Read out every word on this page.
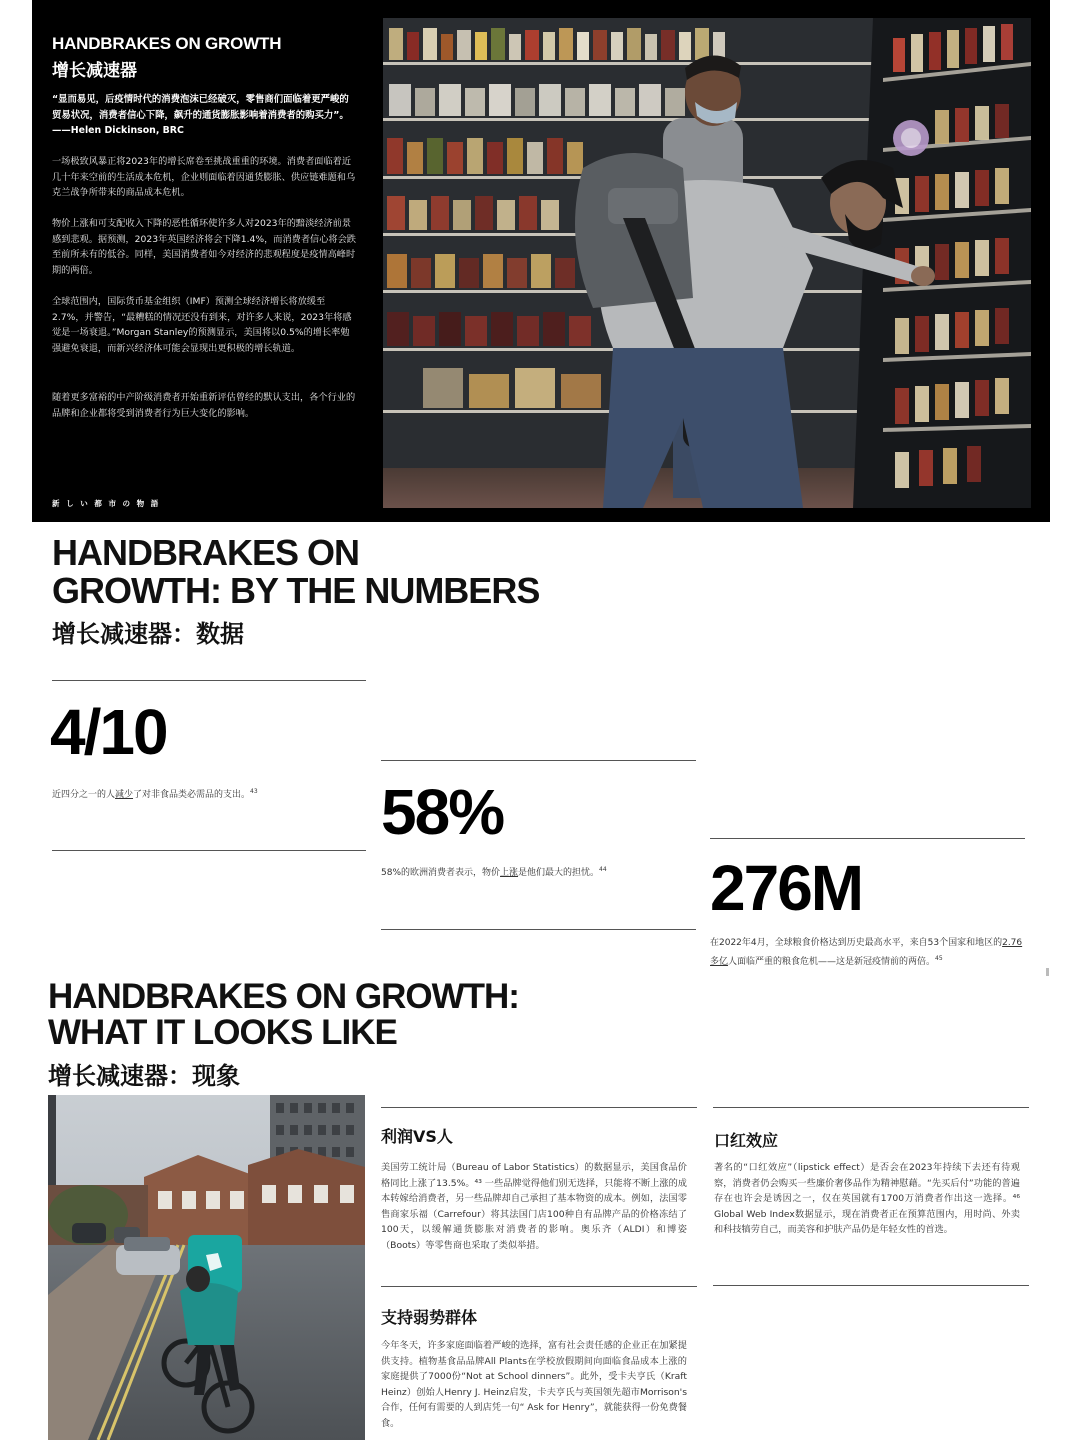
HANDBRAKES ON GROWTH
增长减速器

“显而易见，后疫情时代的消费泡沫已经破灭，零售商们面临着更严峻的贸易状况，消费者信心下降，飙升的通货膨胀影响着消费者的购买力”。——Helen Dickinson, BRC

一场极致风暴正将2023年的增长席卷至挑战重重的环境。消费者面临着近几十年来空前的生活成本危机，企业则面临着因通货膨胀、供应链难题和乌克兰战争所带来的商品成本危机。

物价上涨和可支配收入下降的恶性循环使许多人对2023年的黯淡经济前景感到悲观。据预测，2023年英国经济将会下降1.4%，而消费者信心将会跌至前所未有的低谷。同样，美国消费者如今对经济的悲观程度是疫情高峰时期的两倍。

全球范围内，国际货币基金组织（IMF）预测全球经济增长将放缓至2.7%，并警告，“最糟糕的情况还没有到来，对许多人来说，2023年将感觉是一场衰退。”Morgan Stanley的预测显示，美国将以0.5%的增长率勉强避免衰退，而新兴经济体可能会显现出更积极的增长轨道。

随着更多富裕的中产阶级消费者开始重新评估曾经的默认支出，各个行业的品牌和企业都将受到消费者行为巨大变化的影响。

新 し い 都 市 の 物 語
HANDBRAKES ON
GROWTH: BY THE NUMBERS
增长减速器：数据
4/10

近四分之一的人减少了对非食品类必需品的支出。$^{43}$	58%

58%的欧洲消费者表示，物价上涨是他们最大的担忧。$^{44}$	276M

在2022年4月，全球粮食价格达到历史最高水平，来自53个国家和地区的2.76多亿人面临严重的粮食危机——这是新冠疫情前的两倍。$^{45}$

HANDBRAKES ON GROWTH:
WHAT IT LOOKS LIKE
增长减速器：现象
利润VS人

美国劳工统计局（Bureau of Labor Statistics）的数据显示，美国食品价格同比上涨了13.5%。⁴³ 一些品牌觉得他们别无选择，只能将不断上涨的成本转嫁给消费者，另一些品牌却自己承担了基本物资的成本。例如，法国零售商家乐福（Carrefour）将其法国门店100种自有品牌产品的价格冻结了100天，以缓解通货膨胀对消费者的影响。奥乐齐（ALDI）和博姿（Boots）等零售商也采取了类似举措。

支持弱势群体

今年冬天，许多家庭面临着严峻的选择，富有社会责任感的企业正在加紧提供支持。植物基食品品牌All Plants在学校放假期间向面临食品成本上涨的家庭提供了7000份“Not at School dinners”。此外，受卡夫亨氏（Kraft Heinz）创始人Henry J. Heinz启发，卡夫亨氏与英国领先超市Morrison's合作，任何有需要的人到店凭一句“ Ask for Henry”，就能获得一份免费餐食。

口红效应

著名的“口红效应”（lipstick effect）是否会在2023年持续下去还有待观察，消费者仍会购买一些廉价奢侈品作为精神慰藉。“先买后付”功能的普遍存在也许会是诱因之一，仅在英国就有1700万消费者作出这一选择。⁴⁶ Global Web Index数据显示，现在消费者正在预算范围内，用时尚、外卖和科技犒劳自己，而美容和护肤产品仍是年轻女性的首选。
